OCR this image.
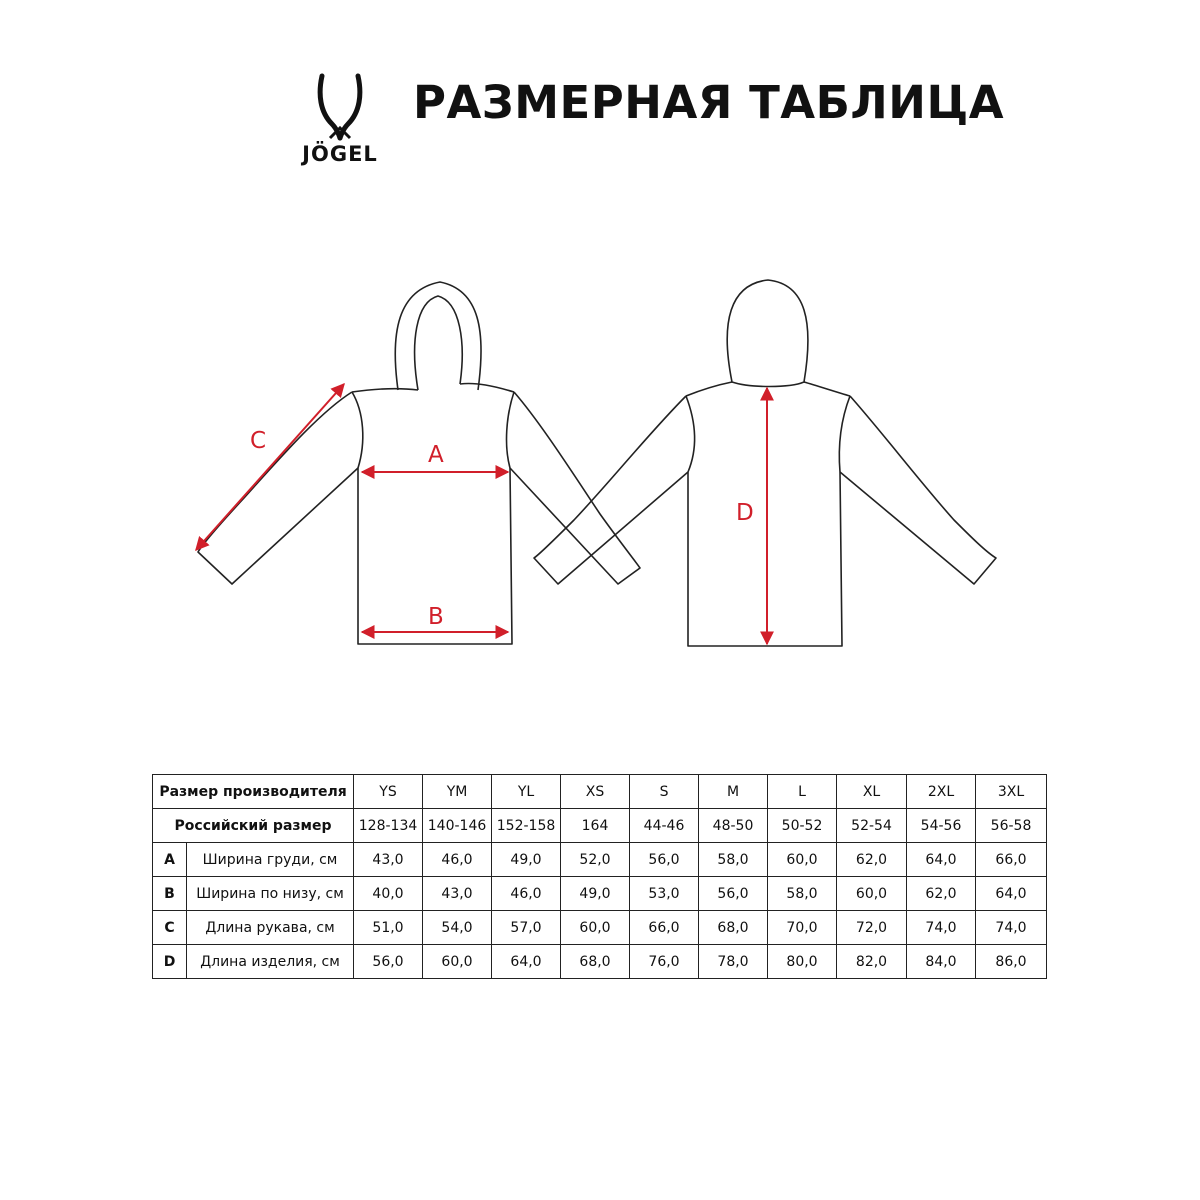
JÖGEL
РАЗМЕРНАЯ ТАБЛИЦА
A
B
C
D
Размер производителя		YS	YM	YL	XS	S	M	L	XL	2XL	3XL
Российский размер		128-134	140-146	152-158	164	44-46	48-50	50-52	52-54	54-56	56-58
A	Ширина груди, см	43,0	46,0	49,0	52,0	56,0	58,0	60,0	62,0	64,0	66,0
B	Ширина по низу, см	40,0	43,0	46,0	49,0	53,0	56,0	58,0	60,0	62,0	64,0
C	Длина рукава, см	51,0	54,0	57,0	60,0	66,0	68,0	70,0	72,0	74,0	74,0
D	Длина изделия, см	56,0	60,0	64,0	68,0	76,0	78,0	80,0	82,0	84,0	86,0
